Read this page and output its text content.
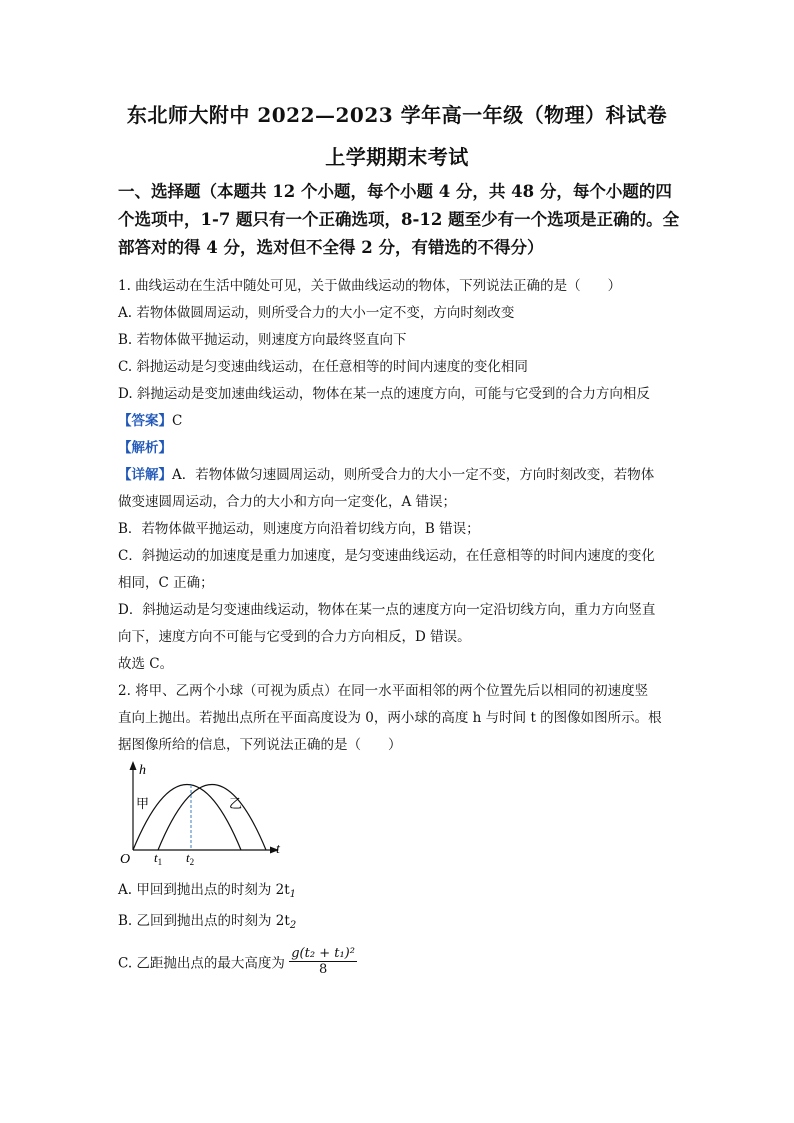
东北师大附中 2022—2023 学年高一年级（物理）科试卷
上学期期末考试
一、选择题（本题共 12 个小题，每个小题 4 分，共 48 分，每个小题的四个选项中，1-7 题只有一个正确选项，8-12 题至少有一个选项是正确的。全部答对的得 4 分，选对但不全得 2 分，有错选的不得分）
1. 曲线运动在生活中随处可见，关于做曲线运动的物体，下列说法正确的是（　　）
A. 若物体做圆周运动，则所受合力的大小一定不变，方向时刻改变
B. 若物体做平抛运动，则速度方向最终竖直向下
C. 斜抛运动是匀变速曲线运动，在任意相等的时间内速度的变化相同
D. 斜抛运动是变加速曲线运动，物体在某一点的速度方向，可能与它受到的合力方向相反
【答案】C
【解析】
【详解】A．若物体做匀速圆周运动，则所受合力的大小一定不变，方向时刻改变，若物体
做变速圆周运动，合力的大小和方向一定变化，A 错误；
B．若物体做平抛运动，则速度方向沿着切线方向，B 错误；
C．斜抛运动的加速度是重力加速度，是匀变速曲线运动，在任意相等的时间内速度的变化
相同，C 正确；
D．斜抛运动是匀变速曲线运动，物体在某一点的速度方向一定沿切线方向，重力方向竖直
向下，速度方向不可能与它受到的合力方向相反，D 错误。
故选 C。
2. 将甲、乙两个小球（可视为质点）在同一水平面相邻的两个位置先后以相同的初速度竖
直向上抛出。若抛出点所在平面高度设为 0，两小球的高度 h 与时间 t 的图像如图所示。根
据图像所给的信息，下列说法正确的是（　　）
h
t
O
甲	乙
$t_1$ $t_2$
A. 甲回到抛出点的时刻为 $2t_1$
B. 乙回到抛出点的时刻为 $2t_2$
C. 乙距抛出点的最大高度为 $\frac{\text{g(t₂ + t₁)²}}{8}$
